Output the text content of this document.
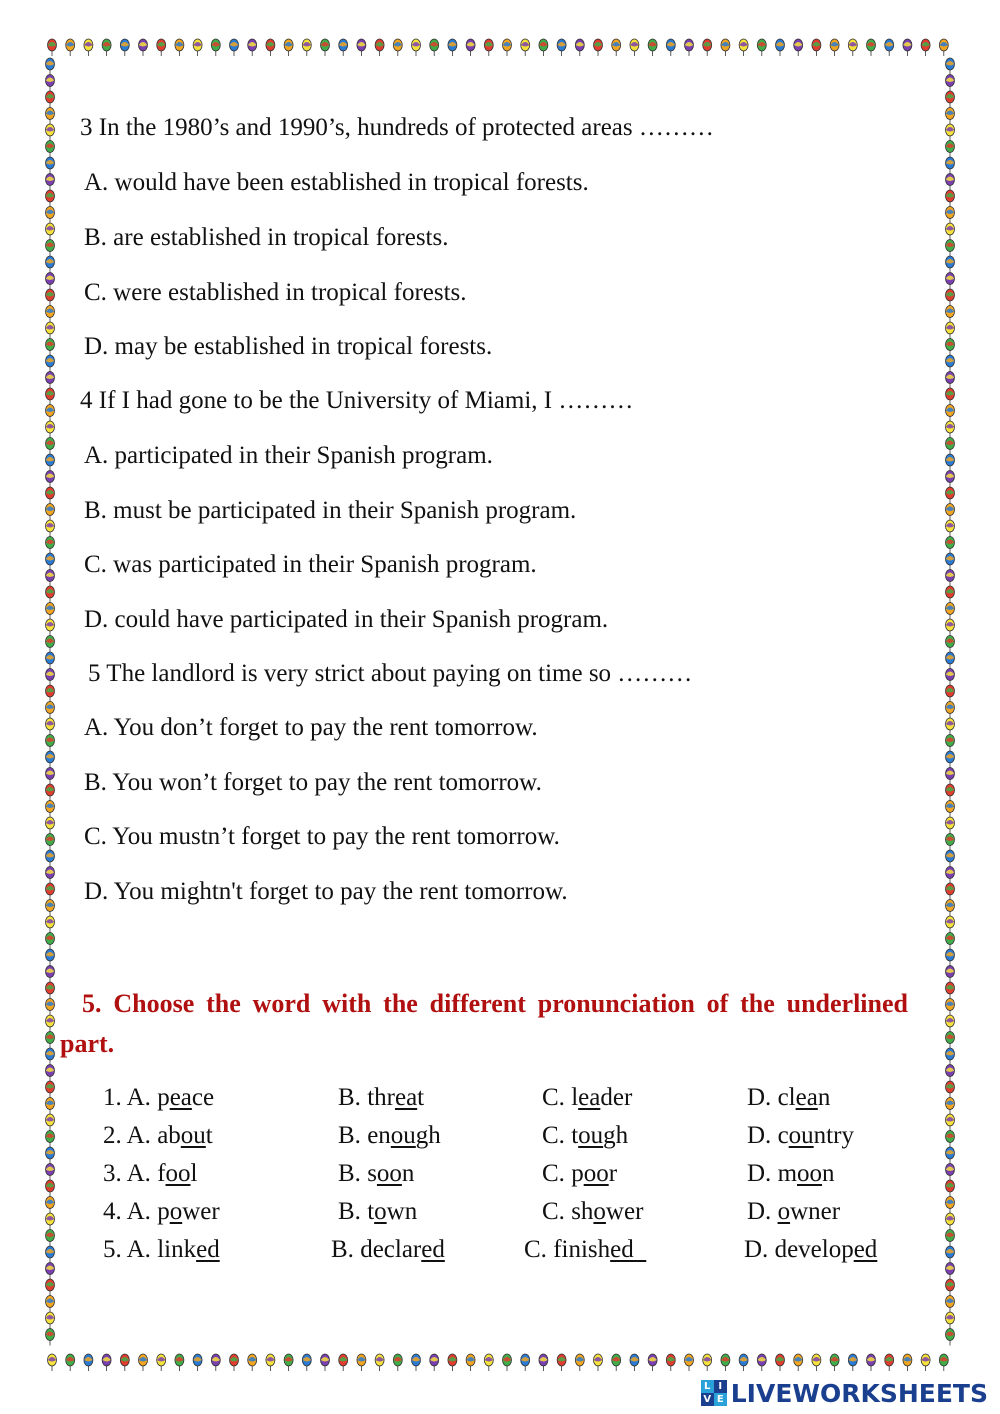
3 In the 1980’s and 1990’s, hundreds of protected areas ………
A. would have been established in tropical forests.
B. are established in tropical forests.
C. were established in tropical forests.
D. may be established in tropical forests.
4 If I had gone to be the University of Miami, I ………
A. participated in their Spanish program.
B. must be participated in their Spanish program.
C. was participated in their Spanish program.
D. could have participated in their Spanish program.
5 The landlord is very strict about paying on time so ………
A. You don’t forget to pay the rent tomorrow.
B. You won’t forget to pay the rent tomorrow.
C. You mustn’t forget to pay the rent tomorrow.
D. You mightn't forget to pay the rent tomorrow.
5. Choose the word with the different pronunciation of the underlined part.
1. A. peace	B. threat	C. leader	D. clean
2. A. about	B. enough	C. tough	D. country
3. A. fool	B. soon	C. poor	D. moon
4. A. power	B. town	C. shower	D. owner
5. A. linked	B. declared	C. finished	D. developed
L I
V E LIVEWORKSHEETS
